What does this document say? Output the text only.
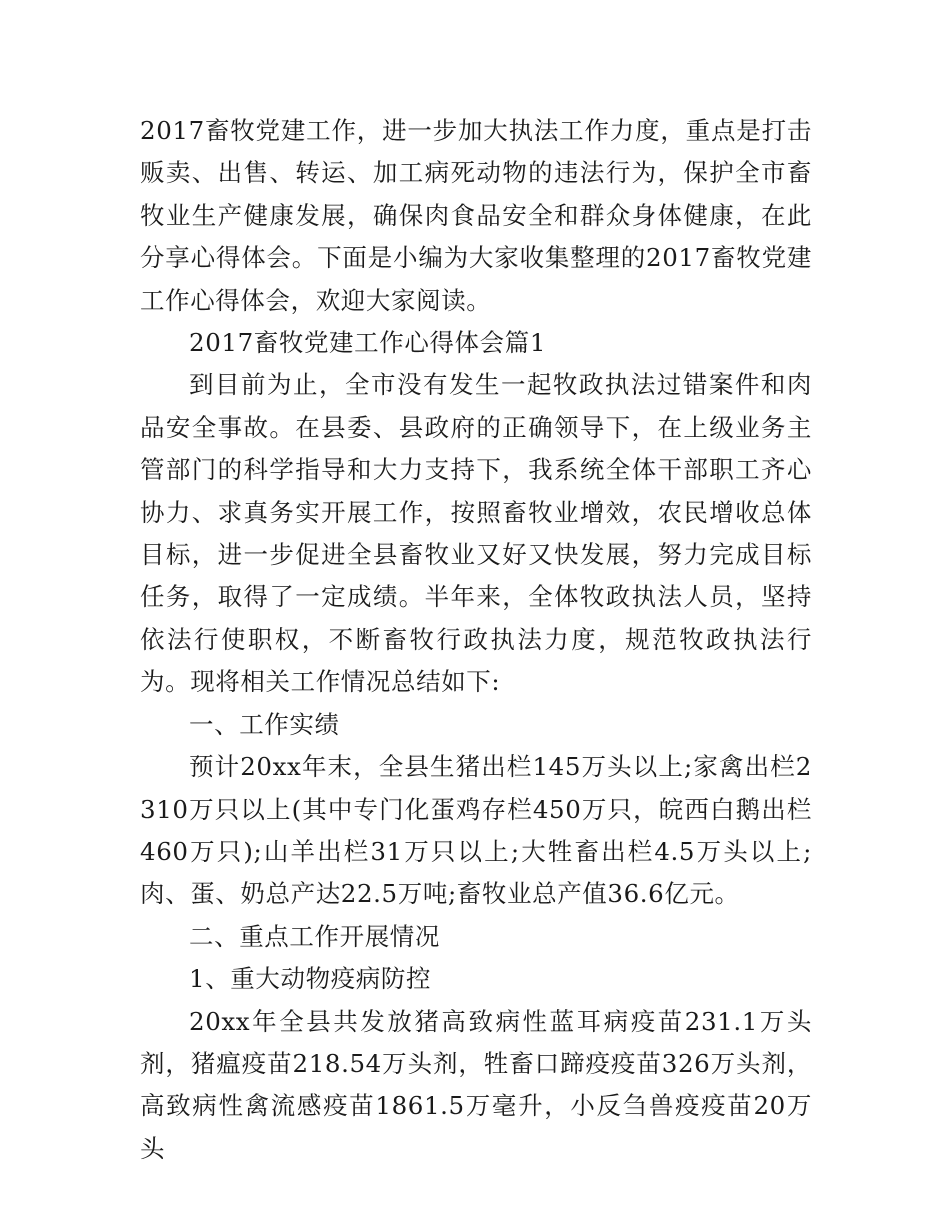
2017畜牧党建工作，进一步加大执法工作力度，重点是打击贩卖、出售、转运、加工病死动物的违法行为，保护全市畜牧业生产健康发展，确保肉食品安全和群众身体健康，在此分享心得体会。下面是小编为大家收集整理的2017畜牧党建工作心得体会，欢迎大家阅读。

2017畜牧党建工作心得体会篇1

到目前为止，全市没有发生一起牧政执法过错案件和肉品安全事故。在县委、县政府的正确领导下，在上级业务主管部门的科学指导和大力支持下，我系统全体干部职工齐心协力、求真务实开展工作，按照畜牧业增效，农民增收总体目标，进一步促进全县畜牧业又好又快发展，努力完成目标任务，取得了一定成绩。半年来，全体牧政执法人员，坚持依法行使职权，不断畜牧行政执法力度，规范牧政执法行为。现将相关工作情况总结如下:

一、工作实绩

预计20xx年末，全县生猪出栏145万头以上;家禽出栏2310万只以上(其中专门化蛋鸡存栏450万只，皖西白鹅出栏460万只);山羊出栏31万只以上;大牲畜出栏4.5万头以上;肉、蛋、奶总产达22.5万吨;畜牧业总产值36.6亿元。

二、重点工作开展情况

1、重大动物疫病防控

20xx年全县共发放猪高致病性蓝耳病疫苗231.1万头剂，猪瘟疫苗218.54万头剂，牲畜口蹄疫疫苗326万头剂，高致病性禽流感疫苗1861.5万毫升，小反刍兽疫疫苗20万头
